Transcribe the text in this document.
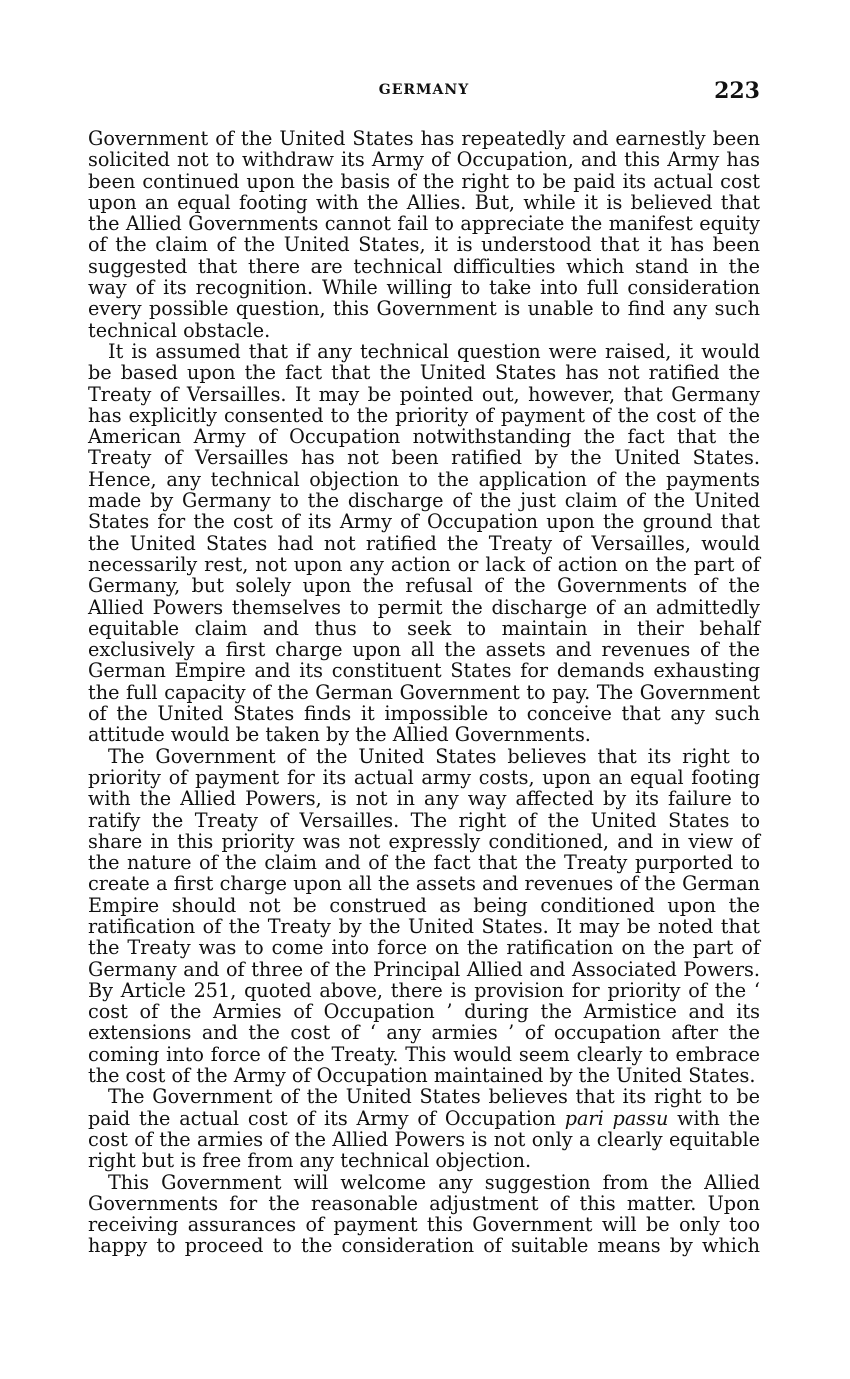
GERMANY	223

Government of the United States has repeatedly and earnestly been solicited not to withdraw its Army of Occupation, and this Army has been continued upon the basis of the right to be paid its actual cost upon an equal footing with the Allies. But, while it is believed that the Allied Governments cannot fail to appreciate the manifest equity of the claim of the United States, it is understood that it has been suggested that there are technical difficulties which stand in the way of its recognition. While willing to take into full consideration every possible question, this Government is unable to find any such technical obstacle.

It is assumed that if any technical question were raised, it would be based upon the fact that the United States has not ratified the Treaty of Versailles. It may be pointed out, however, that Germany has explicitly consented to the priority of payment of the cost of the American Army of Occupation notwithstanding the fact that the Treaty of Versailles has not been ratified by the United States. Hence, any technical objection to the application of the payments made by Germany to the discharge of the just claim of the United States for the cost of its Army of Occupation upon the ground that the United States had not ratified the Treaty of Versailles, would necessarily rest, not upon any action or lack of action on the part of Germany, but solely upon the refusal of the Governments of the Allied Powers themselves to permit the discharge of an admittedly equitable claim and thus to seek to maintain in their behalf exclusively a first charge upon all the assets and revenues of the German Empire and its constituent States for demands exhausting the full capacity of the German Government to pay. The Government of the United States finds it impossible to conceive that any such attitude would be taken by the Allied Governments.

The Government of the United States believes that its right to priority of payment for its actual army costs, upon an equal footing with the Allied Powers, is not in any way affected by its failure to ratify the Treaty of Versailles. The right of the United States to share in this priority was not expressly conditioned, and in view of the nature of the claim and of the fact that the Treaty purported to create a first charge upon all the assets and revenues of the German Empire should not be construed as being conditioned upon the ratification of the Treaty by the United States. It may be noted that the Treaty was to come into force on the ratification on the part of Germany and of three of the Principal Allied and Associated Powers. By Article 251, quoted above, there is provision for priority of the ‘ cost of the Armies of Occupation ’ during the Armistice and its extensions and the cost of ‘ any armies ’ of occupation after the coming into force of the Treaty. This would seem clearly to embrace the cost of the Army of Occupation maintained by the United States.

The Government of the United States believes that its right to be paid the actual cost of its Army of Occupation pari passu with the cost of the armies of the Allied Powers is not only a clearly equitable right but is free from any technical objection.

This Government will welcome any suggestion from the Allied Governments for the reasonable adjustment of this matter. Upon receiving assurances of payment this Government will be only too happy to proceed to the consideration of suitable means by which
